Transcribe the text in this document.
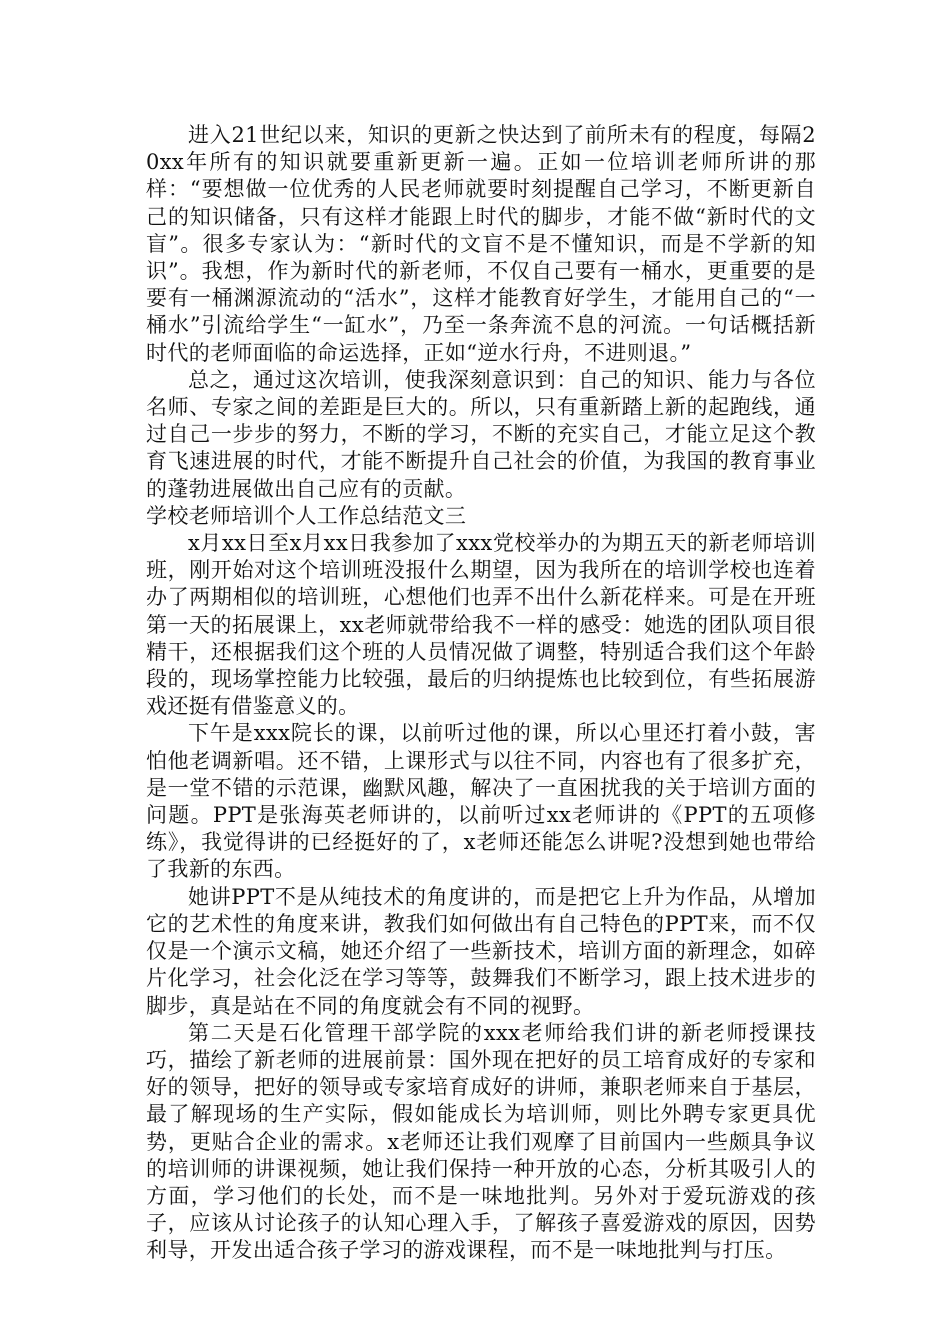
进入21世纪以来，知识的更新之快达到了前所未有的程度，每隔20xx年所有的知识就要重新更新一遍。正如一位培训老师所讲的那样：“要想做一位优秀的人民老师就要时刻提醒自己学习，不断更新自己的知识储备，只有这样才能跟上时代的脚步，才能不做“新时代的文盲”。很多专家认为：“新时代的文盲不是不懂知识，而是不学新的知识”。我想，作为新时代的新老师，不仅自己要有一桶水，更重要的是要有一桶渊源流动的“活水”，这样才能教育好学生，才能用自己的“一桶水”引流给学生“一缸水”，乃至一条奔流不息的河流。一句话概括新时代的老师面临的命运选择，正如“逆水行舟，不进则退。”

总之，通过这次培训，使我深刻意识到：自己的知识、能力与各位名师、专家之间的差距是巨大的。所以，只有重新踏上新的起跑线，通过自己一步步的努力，不断的学习，不断的充实自己，才能立足这个教育飞速进展的时代，才能不断提升自己社会的价值，为我国的教育事业的蓬勃进展做出自己应有的贡献。

学校老师培训个人工作总结范文三

x月xx日至x月xx日我参加了xxx党校举办的为期五天的新老师培训班，刚开始对这个培训班没报什么期望，因为我所在的培训学校也连着办了两期相似的培训班，心想他们也弄不出什么新花样来。可是在开班第一天的拓展课上，xx老师就带给我不一样的感受：她选的团队项目很精干，还根据我们这个班的人员情况做了调整，特别适合我们这个年龄段的，现场掌控能力比较强，最后的归纳提炼也比较到位，有些拓展游戏还挺有借鉴意义的。

下午是xxx院长的课，以前听过他的课，所以心里还打着小鼓，害怕他老调新唱。还不错，上课形式与以往不同，内容也有了很多扩充，是一堂不错的示范课，幽默风趣，解决了一直困扰我的关于培训方面的问题。PPT是张海英老师讲的，以前听过xx老师讲的《PPT的五项修练》，我觉得讲的已经挺好的了，x老师还能怎么讲呢?没想到她也带给了我新的东西。

她讲PPT不是从纯技术的角度讲的，而是把它上升为作品，从增加它的艺术性的角度来讲，教我们如何做出有自己特色的PPT来，而不仅仅是一个演示文稿，她还介绍了一些新技术，培训方面的新理念，如碎片化学习，社会化泛在学习等等，鼓舞我们不断学习，跟上技术进步的脚步，真是站在不同的角度就会有不同的视野。

第二天是石化管理干部学院的xxx老师给我们讲的新老师授课技巧，描绘了新老师的进展前景：国外现在把好的员工培育成好的专家和好的领导，把好的领导或专家培育成好的讲师，兼职老师来自于基层，最了解现场的生产实际，假如能成长为培训师，则比外聘专家更具优势，更贴合企业的需求。x老师还让我们观摩了目前国内一些颇具争议的培训师的讲课视频，她让我们保持一种开放的心态，分析其吸引人的方面，学习他们的长处，而不是一味地批判。另外对于爱玩游戏的孩子，应该从讨论孩子的认知心理入手，了解孩子喜爱游戏的原因，因势利导，开发出适合孩子学习的游戏课程，而不是一味地批判与打压。
